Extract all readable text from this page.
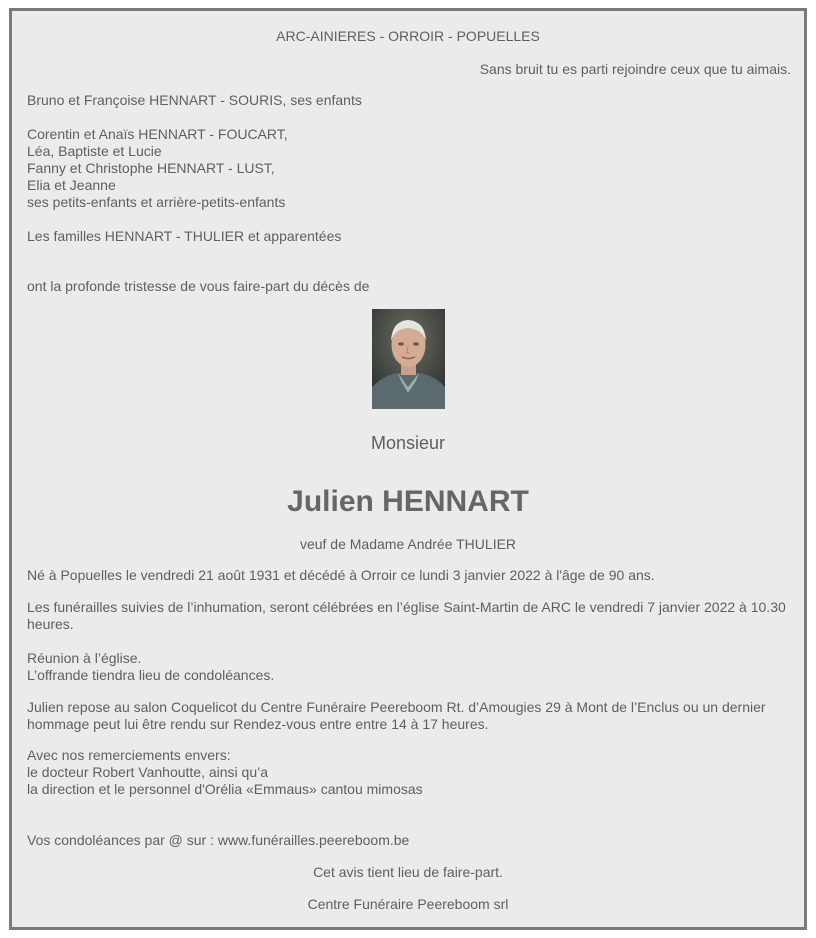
ARC-AINIERES - ORROIR - POPUELLES
Sans bruit tu es parti rejoindre ceux que tu aimais.
Bruno et Françoise HENNART - SOURIS, ses enfants
Corentin et Anaïs HENNART - FOUCART,
Léa, Baptiste et Lucie
Fanny et Christophe HENNART - LUST,
Elia et Jeanne
ses petits-enfants et arrière-petits-enfants
Les familles HENNART - THULIER et apparentées
ont la profonde tristesse de vous faire-part du décès de
Monsieur
Julien HENNART
veuf de Madame Andrée THULIER
Né à Popuelles le vendredi 21 août 1931 et décédé à Orroir ce lundi 3 janvier 2022 à l'âge de 90 ans.
Les funérailles suivies de l’inhumation, seront célébrées en l’église Saint-Martin de ARC le vendredi 7 janvier 2022 à 10.30 heures.
Réunion à l’église.
L’offrande tiendra lieu de condoléances.
Julien repose au salon Coquelicot du Centre Funéraire Peereboom Rt. d’Amougies 29 à Mont de l’Enclus ou un dernier hommage peut lui être rendu sur Rendez-vous entre entre 14 à 17 heures.
Avec nos remerciements envers:
le docteur Robert Vanhoutte, ainsi qu’a
la direction et le personnel d'Orélia «Emmaus» cantou mimosas
Vos condoléances par @ sur : www.funérailles.peereboom.be
Cet avis tient lieu de faire-part.
Centre Funéraire Peereboom srl
